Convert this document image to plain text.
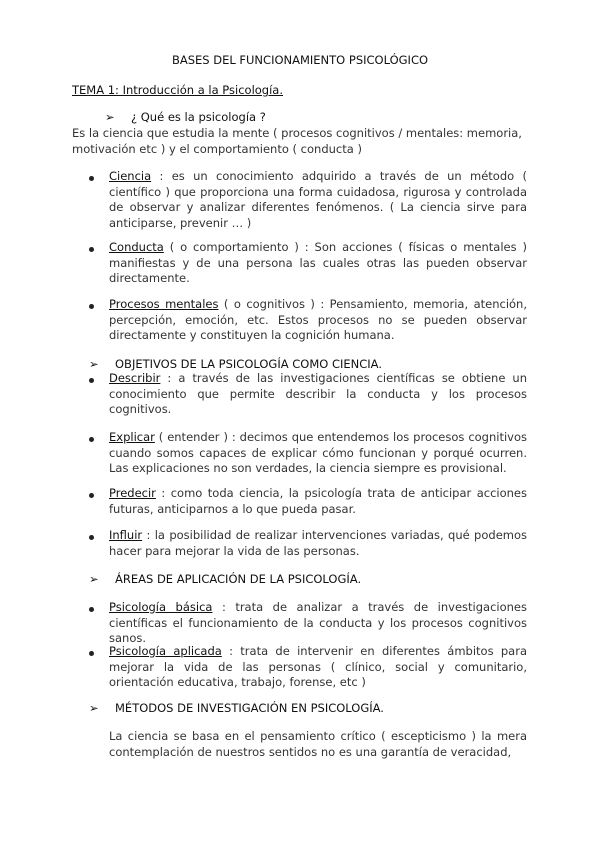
BASES DEL FUNCIONAMIENTO PSICOLÓGICO

TEMA 1: Introducción a la Psicología.

➢ ¿ Qué es la psicología ?

Es la ciencia que estudia la mente ( procesos cognitivos / mentales: memoria, motivación etc ) y el comportamiento ( conducta )

Ciencia : es un conocimiento adquirido a través de un método ( científico ) que proporciona una forma cuidadosa, rigurosa y controlada de observar y analizar diferentes fenómenos. ( La ciencia sirve para anticiparse, prevenir … )

Conducta ( o comportamiento ) : Son acciones ( físicas o mentales ) manifiestas y de una persona las cuales otras las pueden observar directamente.

Procesos mentales ( o cognitivos ) : Pensamiento, memoria, atención, percepción, emoción, etc. Estos procesos no se pueden observar directamente y constituyen la cognición humana.

➢ OBJETIVOS DE LA PSICOLOGÍA COMO CIENCIA.

Describir : a través de las investigaciones científicas se obtiene un conocimiento que permite describir la conducta y los procesos cognitivos.

Explicar ( entender ) : decimos que entendemos los procesos cognitivos cuando somos capaces de explicar cómo funcionan y porqué ocurren. Las explicaciones no son verdades, la ciencia siempre es provisional.

Predecir : como toda ciencia, la psicología trata de anticipar acciones futuras, anticiparnos a lo que pueda pasar.

Influir : la posibilidad de realizar intervenciones variadas, qué podemos hacer para mejorar la vida de las personas.

➢ ÁREAS DE APLICACIÓN DE LA PSICOLOGÍA.

Psicología básica : trata de analizar a través de investigaciones científicas el funcionamiento de la conducta y los procesos cognitivos sanos.

Psicología aplicada : trata de intervenir en diferentes ámbitos para mejorar la vida de las personas ( clínico, social y comunitario, orientación educativa, trabajo, forense, etc )

➢ MÉTODOS DE INVESTIGACIÓN EN PSICOLOGÍA.

La ciencia se basa en el pensamiento crítico ( escepticismo ) la mera contemplación de nuestros sentidos no es una garantía de veracidad,
